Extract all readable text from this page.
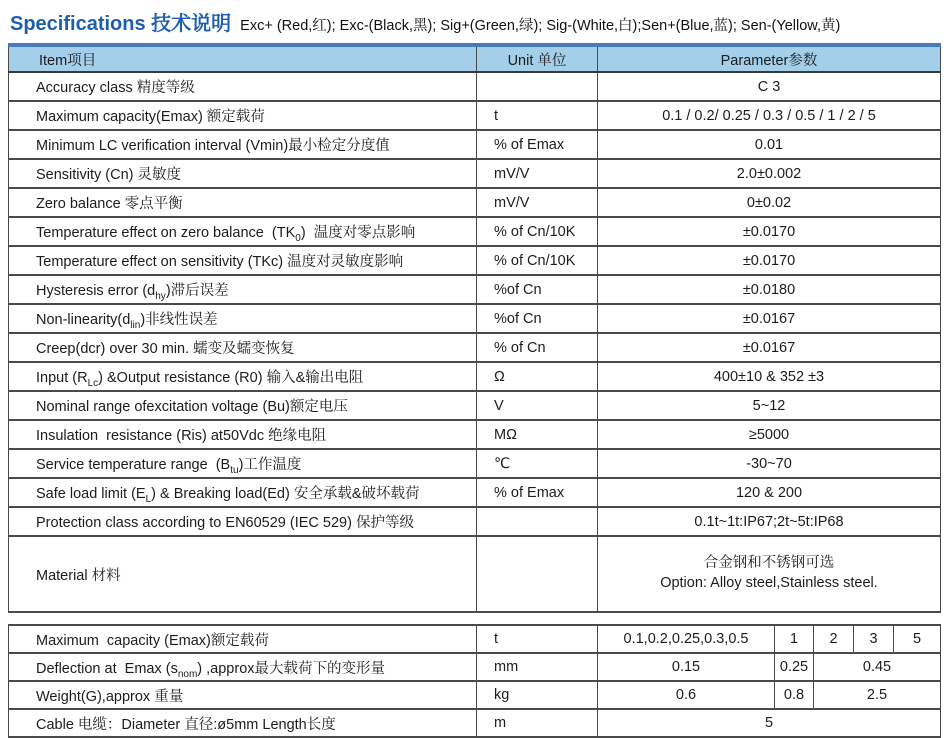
Specifications 技术说明 Exc+ (Red,红); Exc-(Black,黑); Sig+(Green,绿); Sig-(White,白);Sen+(Blue,蓝); Sen-(Yellow,黄)
Item项目	Unit 单位	Parameter参数
Accuracy class 精度等级		C 3
Maximum capacity(Emax) 额定载荷	t	0.1 / 0.2/ 0.25 / 0.3 / 0.5 / 1 / 2 / 5
Minimum LC verification interval (Vmin)最小检定分度值	% of Emax	0.01
Sensitivity (Cn) 灵敏度	mV/V	2.0±0.002
Zero balance 零点平衡	mV/V	0±0.02
Temperature effect on zero balance  $(TK_0)$  温度对零点影响	% of Cn/10K	±0.0170
Temperature effect on sensitivity (TKc) 温度对灵敏度影响	% of Cn/10K	±0.0170
Hysteresis error $(d_{hy})$滞后误差	%of Cn	±0.0180
Non-$linearity(d_{lin})$非线性误差	%of Cn	±0.0167
Creep(dcr) over 30 min. 蠕变及蠕变恢复	% of Cn	±0.0167
Input $(R_{Lc})$ &Output resistance (R0) 输入&输出电阻	Ω	400±10 & 352 ±3
Nominal range ofexcitation voltage (Bu)额定电压	V	5~12
Insulation  resistance (Ris) at50Vdc 绝缘电阻	MΩ	≥5000
Service temperature range  $(B_{tu})$工作温度	℃	-30~70
Safe load limit $(E_L)$ & Breaking load(Ed) 安全承载&破坏载荷	% of Emax	120 & 200
Protection class according to EN60529 (IEC 529) 保护等级		0.1t~1t:IP67;2t~5t:IP68
Material 材料		合金钢和不锈钢可选
Option: Alloy steel,Stainless steel.
Maximum  capacity (Emax)额定载荷	t	0.1,0.2,0.25,0.3,0.5	1	2	3	5
Deflection at  Emax $(s_{nom})$ ,approx最大载荷下的变形量	mm	0.15	0.25	0.45		
Weight(G),approx 重量	kg	0.6	0.8	2.5		
Cable 电缆：Diameter 直径:ø5mm Length长度	m	5				
